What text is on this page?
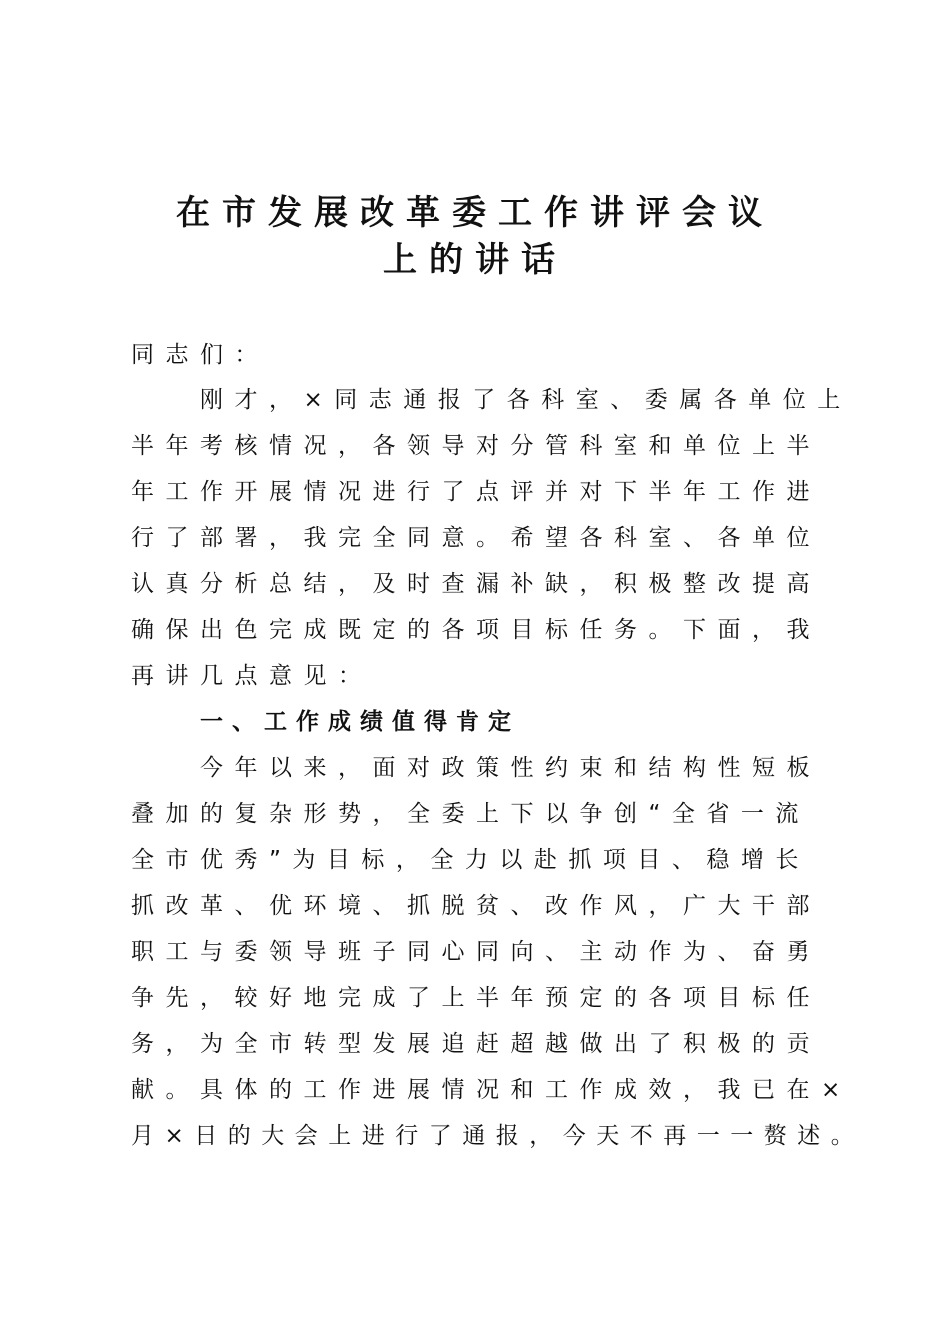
在市发展改革委工作讲评会议
上的讲话

同志们：

刚才，×同志通报了各科室、委属各单位上

半年考核情况，各领导对分管科室和单位上半

年工作开展情况进行了点评并对下半年工作进

行了部署，我完全同意。希望各科室、各单位

认真分析总结，及时查漏补缺，积极整改提高

确保出色完成既定的各项目标任务。下面，我

再讲几点意见：

一、工作成绩值得肯定

今年以来，面对政策性约束和结构性短板

叠加的复杂形势，全委上下以争创“全省一流

全市优秀”为目标，全力以赴抓项目、稳增长

抓改革、优环境、抓脱贫、改作风，广大干部

职工与委领导班子同心同向、主动作为、奋勇

争先，较好地完成了上半年预定的各项目标任

务，为全市转型发展追赶超越做出了积极的贡

献。具体的工作进展情况和工作成效，我已在×

月×日的大会上进行了通报，今天不再一一赘述。
